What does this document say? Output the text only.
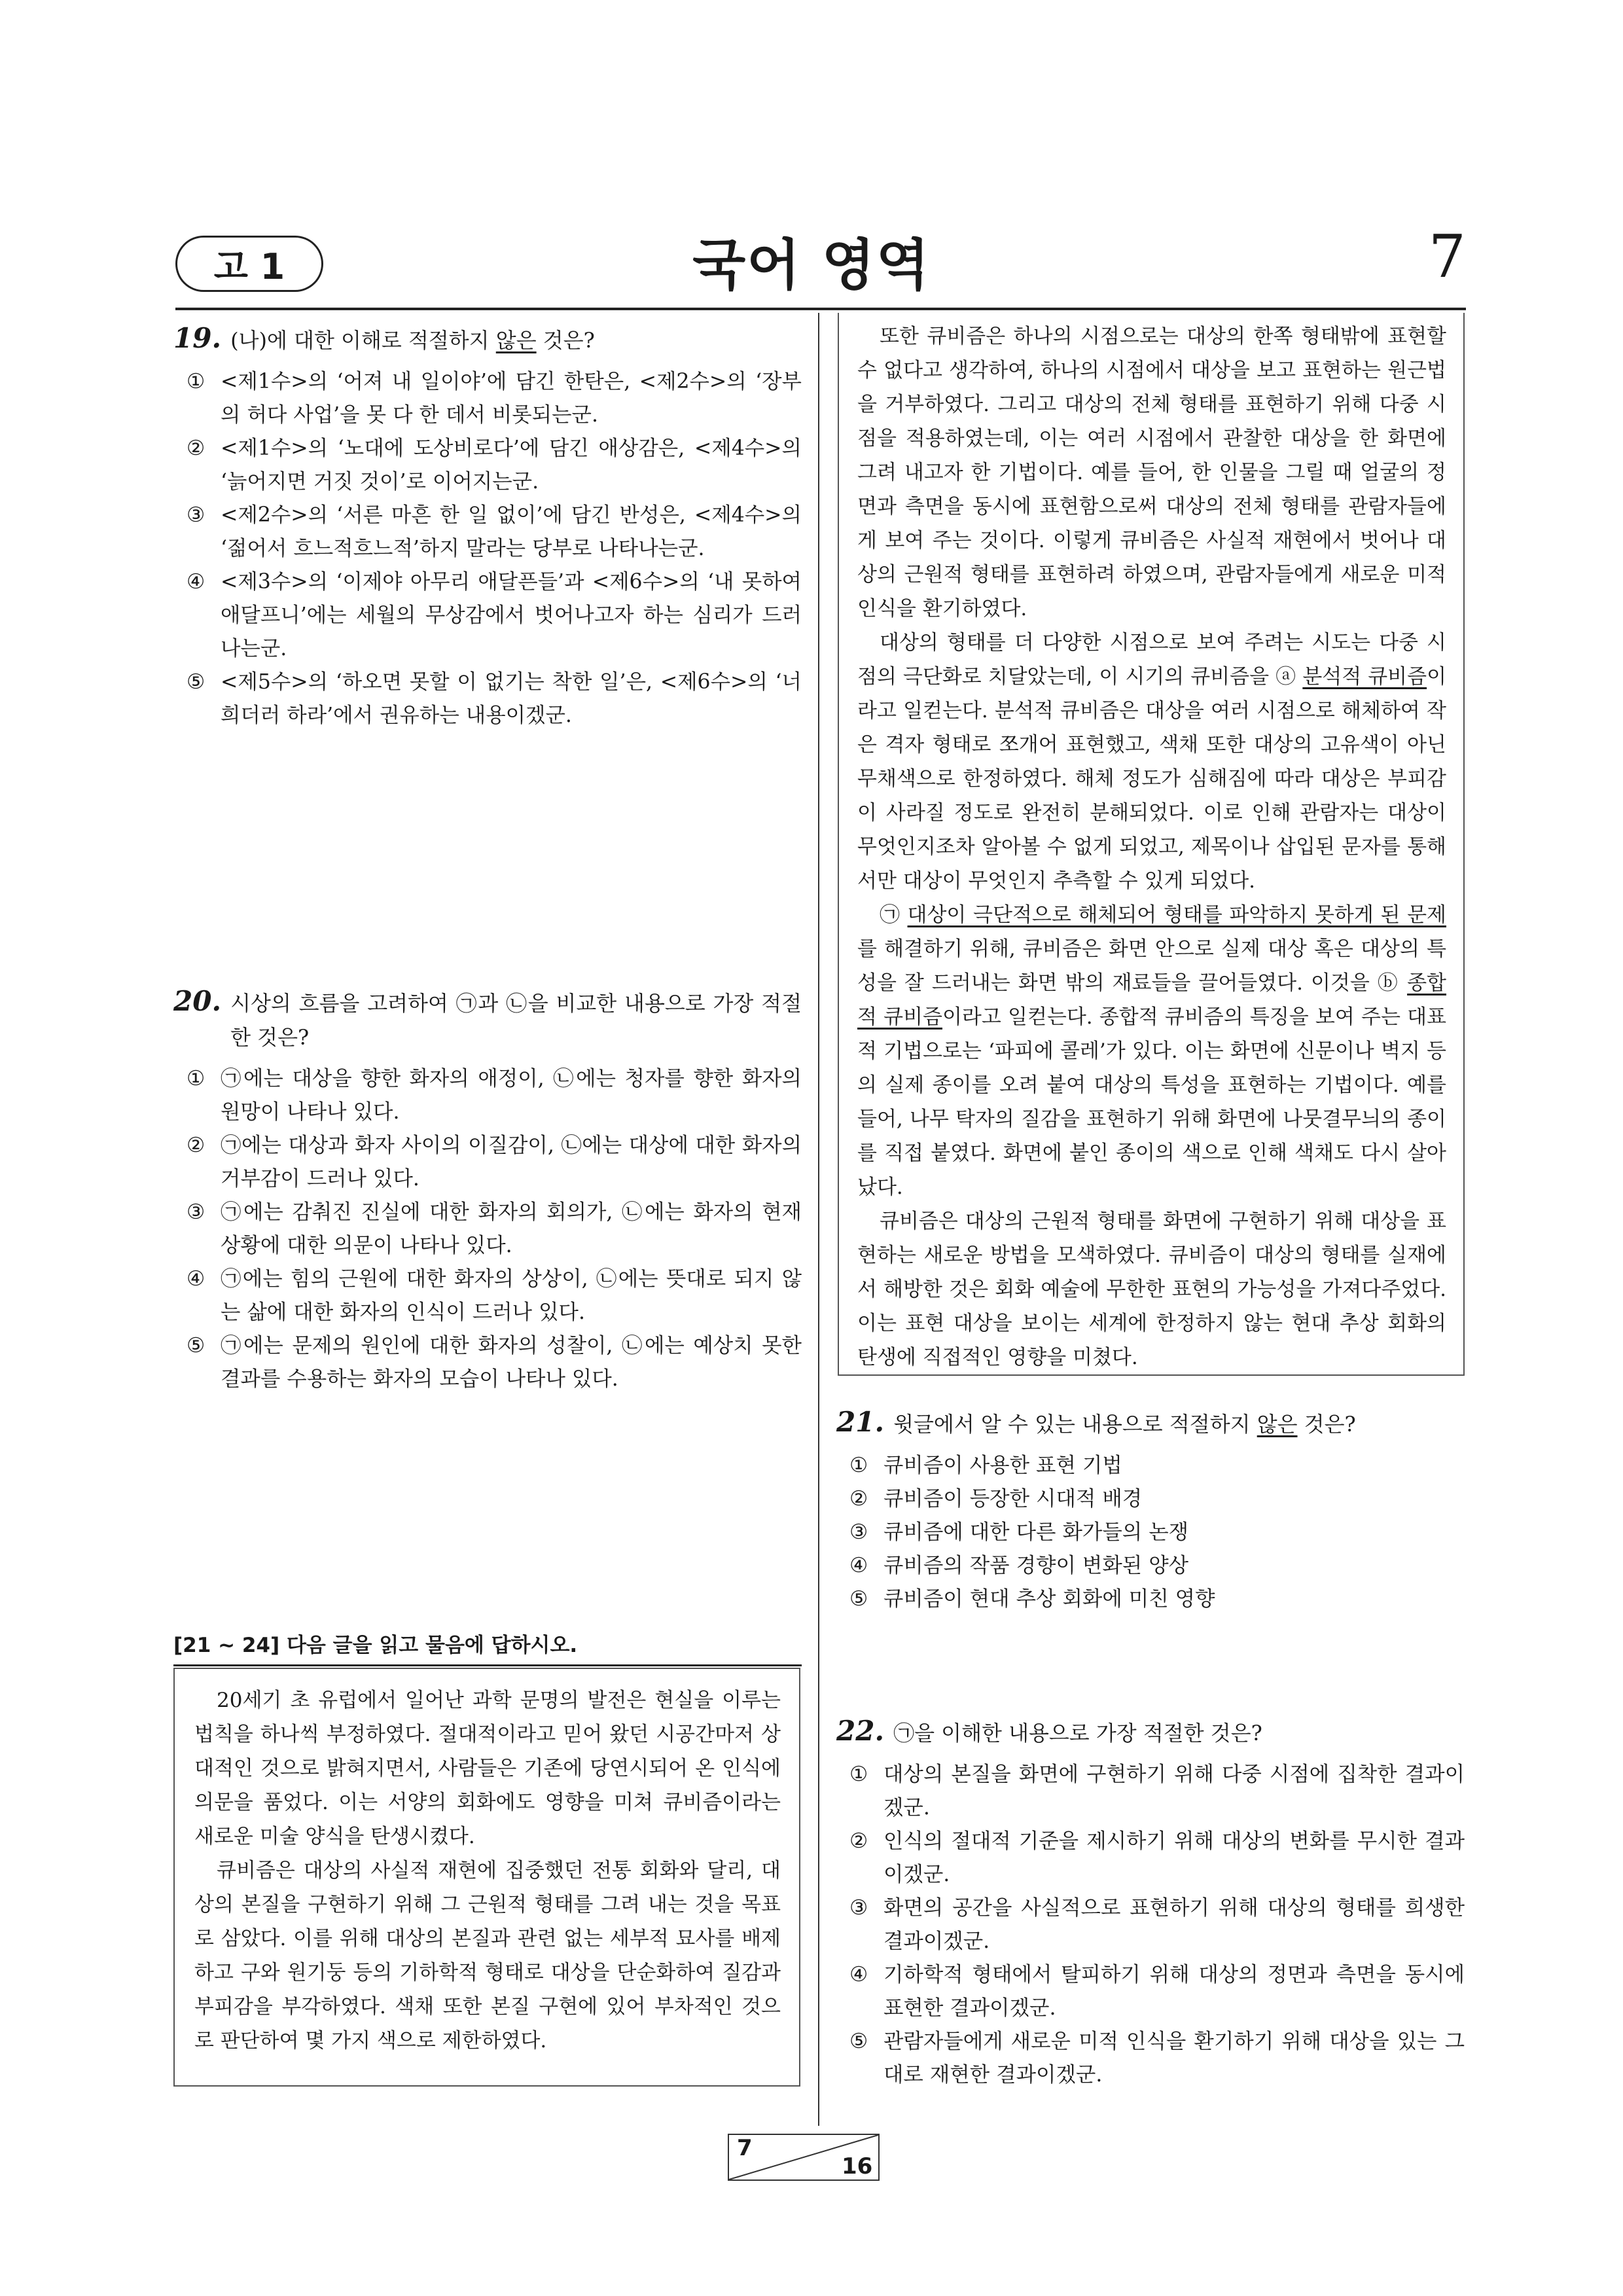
고 1	국어 영역	7
19. (나)에 대한 이해로 적절하지 않은 것은?
① <제1수>의 ‘어져 내 일이야’에 담긴 한탄은, <제2수>의 ‘장부의 허다 사업’을 못 다 한 데서 비롯되는군.
② <제1수>의 ‘노대에 도상비로다’에 담긴 애상감은, <제4수>의 ‘늙어지면 거짓 것이’로 이어지는군.
③ <제2수>의 ‘서른 마흔 한 일 없이’에 담긴 반성은, <제4수>의 ‘젊어서 흐느적흐느적’하지 말라는 당부로 나타나는군.
④ <제3수>의 ‘이제야 아무리 애달픈들’과 <제6수>의 ‘내 못하여 애달프니’에는 세월의 무상감에서 벗어나고자 하는 심리가 드러나는군.
⑤ <제5수>의 ‘하오면 못할 이 없기는 착한 일’은, <제6수>의 ‘너희더러 하라’에서 권유하는 내용이겠군.
20. 시상의 흐름을 고려하여 ㉠과 ㉡을 비교한 내용으로 가장 적절한 것은?
① ㉠에는 대상을 향한 화자의 애정이, ㉡에는 청자를 향한 화자의 원망이 나타나 있다.
② ㉠에는 대상과 화자 사이의 이질감이, ㉡에는 대상에 대한 화자의 거부감이 드러나 있다.
③ ㉠에는 감춰진 진실에 대한 화자의 회의가, ㉡에는 화자의 현재 상황에 대한 의문이 나타나 있다.
④ ㉠에는 힘의 근원에 대한 화자의 상상이, ㉡에는 뜻대로 되지 않는 삶에 대한 화자의 인식이 드러나 있다.
⑤ ㉠에는 문제의 원인에 대한 화자의 성찰이, ㉡에는 예상치 못한 결과를 수용하는 화자의 모습이 나타나 있다.
[21 ~ 24] 다음 글을 읽고 물음에 답하시오.

20세기 초 유럽에서 일어난 과학 문명의 발전은 현실을 이루는 법칙을 하나씩 부정하였다. 절대적이라고 믿어 왔던 시공간마저 상대적인 것으로 밝혀지면서, 사람들은 기존에 당연시되어 온 인식에 의문을 품었다. 이는 서양의 회화에도 영향을 미쳐 큐비즘이라는 새로운 미술 양식을 탄생시켰다.

큐비즘은 대상의 사실적 재현에 집중했던 전통 회화와 달리, 대상의 본질을 구현하기 위해 그 근원적 형태를 그려 내는 것을 목표로 삼았다. 이를 위해 대상의 본질과 관련 없는 세부적 묘사를 배제하고 구와 원기둥 등의 기하학적 형태로 대상을 단순화하여 질감과 부피감을 부각하였다. 색채 또한 본질 구현에 있어 부차적인 것으로 판단하여 몇 가지 색으로 제한하였다.

또한 큐비즘은 하나의 시점으로는 대상의 한쪽 형태밖에 표현할 수 없다고 생각하여, 하나의 시점에서 대상을 보고 표현하는 원근법을 거부하였다. 그리고 대상의 전체 형태를 표현하기 위해 다중 시점을 적용하였는데, 이는 여러 시점에서 관찰한 대상을 한 화면에 그려 내고자 한 기법이다. 예를 들어, 한 인물을 그릴 때 얼굴의 정면과 측면을 동시에 표현함으로써 대상의 전체 형태를 관람자들에게 보여 주는 것이다. 이렇게 큐비즘은 사실적 재현에서 벗어나 대상의 근원적 형태를 표현하려 하였으며, 관람자들에게 새로운 미적 인식을 환기하였다.

대상의 형태를 더 다양한 시점으로 보여 주려는 시도는 다중 시점의 극단화로 치달았는데, 이 시기의 큐비즘을 ⓐ 분석적 큐비즘이라고 일컫는다. 분석적 큐비즘은 대상을 여러 시점으로 해체하여 작은 격자 형태로 쪼개어 표현했고, 색채 또한 대상의 고유색이 아닌 무채색으로 한정하였다. 해체 정도가 심해짐에 따라 대상은 부피감이 사라질 정도로 완전히 분해되었다. 이로 인해 관람자는 대상이 무엇인지조차 알아볼 수 없게 되었고, 제목이나 삽입된 문자를 통해서만 대상이 무엇인지 추측할 수 있게 되었다.

㉠ 대상이 극단적으로 해체되어 형태를 파악하지 못하게 된 문제를 해결하기 위해, 큐비즘은 화면 안으로 실제 대상 혹은 대상의 특성을 잘 드러내는 화면 밖의 재료들을 끌어들였다. 이것을 ⓑ 종합적 큐비즘이라고 일컫는다. 종합적 큐비즘의 특징을 보여 주는 대표적 기법으로는 ‘파피에 콜레’가 있다. 이는 화면에 신문이나 벽지 등의 실제 종이를 오려 붙여 대상의 특성을 표현하는 기법이다. 예를 들어, 나무 탁자의 질감을 표현하기 위해 화면에 나뭇결무늬의 종이를 직접 붙였다. 화면에 붙인 종이의 색으로 인해 색채도 다시 살아났다.

큐비즘은 대상의 근원적 형태를 화면에 구현하기 위해 대상을 표현하는 새로운 방법을 모색하였다. 큐비즘이 대상의 형태를 실재에서 해방한 것은 회화 예술에 무한한 표현의 가능성을 가져다주었다. 이는 표현 대상을 보이는 세계에 한정하지 않는 현대 추상 회화의 탄생에 직접적인 영향을 미쳤다.

21. 윗글에서 알 수 있는 내용으로 적절하지 않은 것은?
① 큐비즘이 사용한 표현 기법
② 큐비즘이 등장한 시대적 배경
③ 큐비즘에 대한 다른 화가들의 논쟁
④ 큐비즘의 작품 경향이 변화된 양상
⑤ 큐비즘이 현대 추상 회화에 미친 영향
22. ㉠을 이해한 내용으로 가장 적절한 것은?
① 대상의 본질을 화면에 구현하기 위해 다중 시점에 집착한 결과이겠군.
② 인식의 절대적 기준을 제시하기 위해 대상의 변화를 무시한 결과이겠군.
③ 화면의 공간을 사실적으로 표현하기 위해 대상의 형태를 희생한 결과이겠군.
④ 기하학적 형태에서 탈피하기 위해 대상의 정면과 측면을 동시에 표현한 결과이겠군.
⑤ 관람자들에게 새로운 미적 인식을 환기하기 위해 대상을 있는 그대로 재현한 결과이겠군.
7
16
